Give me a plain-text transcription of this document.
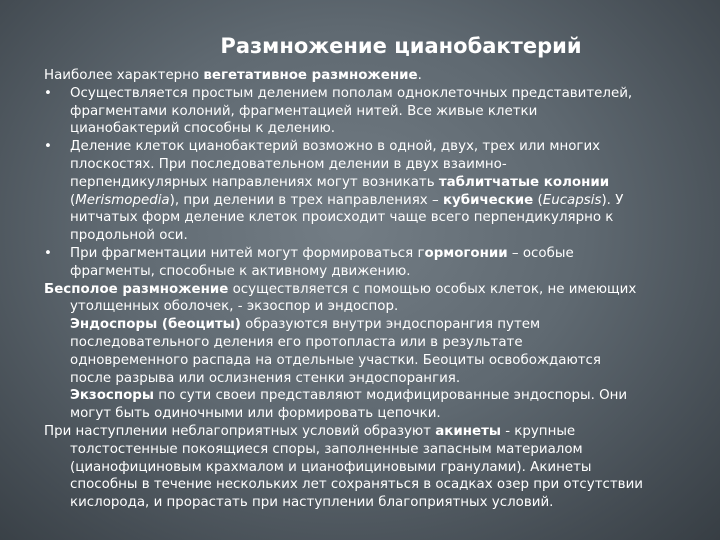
Размножение цианобактерий
Наиболее характерно вегетативное размножение.
• Осуществляется простым делением пополам одноклеточных представителей,
фрагментами колоний, фрагментацией нитей. Все живые клетки
цианобактерий способны к делению.
• Деление клеток цианобактерий возможно в одной, двух, трех или многих
плоскостях. При последовательном делении в двух взаимно-
перпендикулярных направлениях могут возникать таблитчатые колонии
(Merismopedia), при делении в трех направлениях – кубические (Eucapsis). У
нитчатых форм деление клеток происходит чаще всего перпендикулярно к
продольной оси.
• При фрагментации нитей могут формироваться гормогонии – особые
фрагменты, способные к активному движению.
Бесполое размножение осуществляется с помощью особых клеток, не имеющих
утолщенных оболочек, - экзоспор и эндоспор.
Эндоспоры (беоциты) образуются внутри эндоспорангия путем
последовательного деления его протопласта или в результате
одновременного распада на отдельные участки. Беоциты освобождаются
после разрыва или ослизнения стенки эндоспорангия.
Экзоспоры по сути своеи представляют модифицированные эндоспоры. Они
могут быть одиночными или формировать цепочки.
При наступлении неблагоприятных условий образуют акинеты - крупные
толстостенные покоящиеся споры, заполненные запасным материалом
(цианофициновым крахмалом и цианофициновыми гранулами). Акинеты
способны в течение нескольких лет сохраняться в осадках озер при отсутствии
кислорода, и прорастать при наступлении благоприятных условий.
